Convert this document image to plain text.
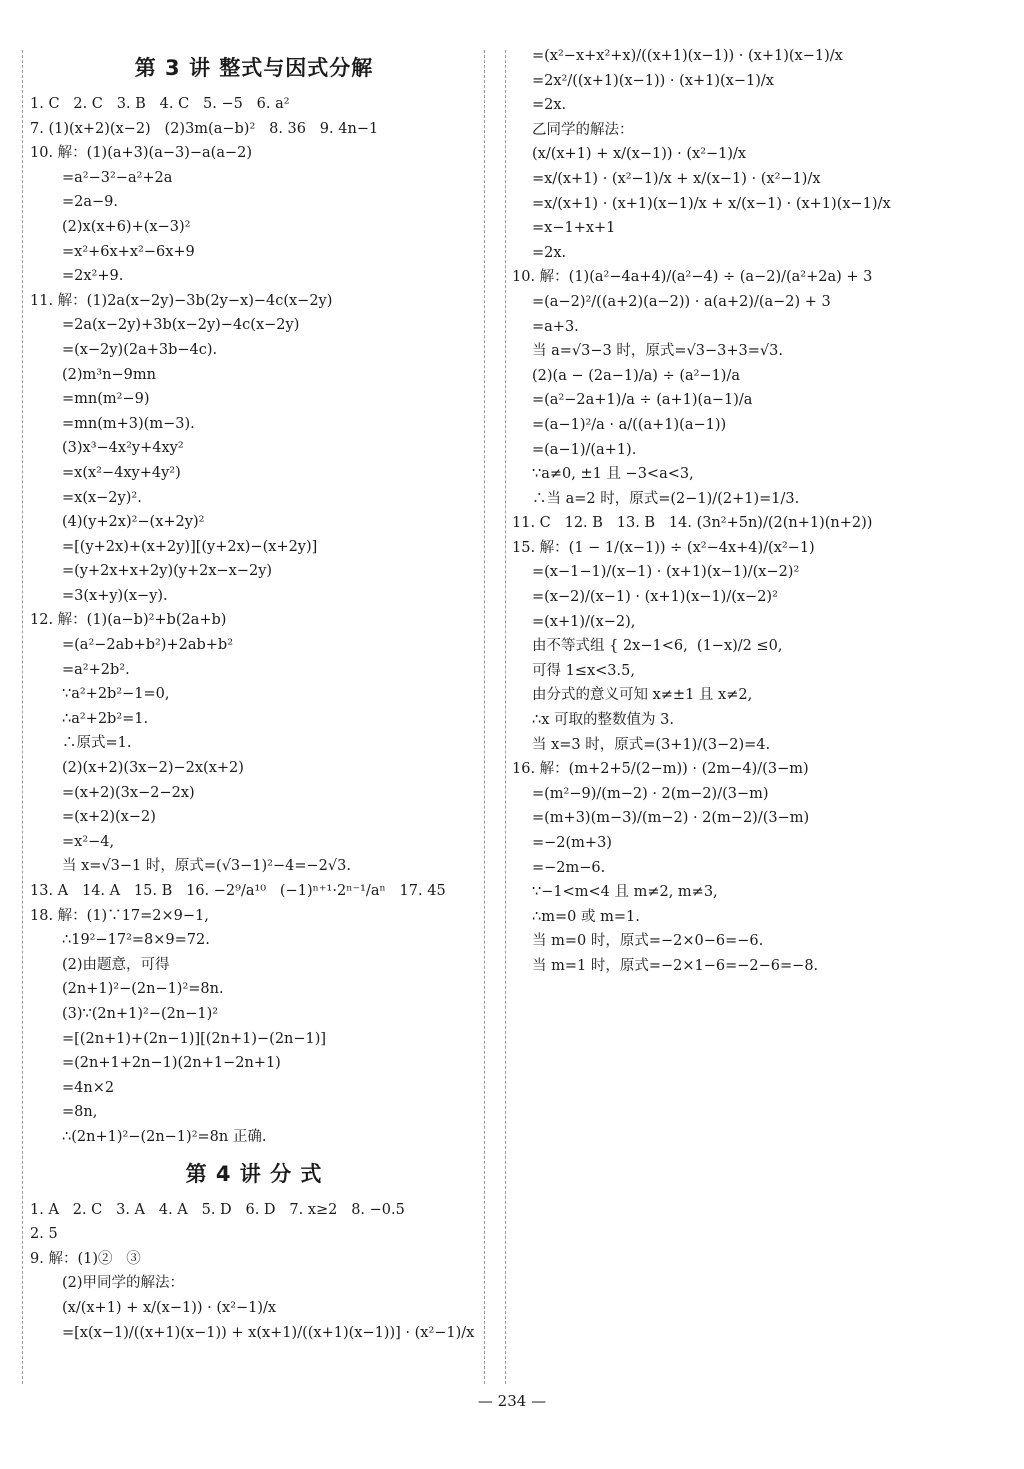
第 3 讲 整式与因式分解
1. C   2. C   3. B   4. C   5. −5   6. a²
7. (1)(x+2)(x−2)   (2)3m(a−b)²   8. 36   9. 4n−1
10. 解：(1)(a+3)(a−3)−a(a−2)
=a²−3²−a²+2a
=2a−9.
(2)x(x+6)+(x−3)²
=x²+6x+x²−6x+9
=2x²+9.
11. 解：(1)2a(x−2y)−3b(2y−x)−4c(x−2y)
=2a(x−2y)+3b(x−2y)−4c(x−2y)
=(x−2y)(2a+3b−4c).
(2)m³n−9mn
=mn(m²−9)
=mn(m+3)(m−3).
(3)x³−4x²y+4xy²
=x(x²−4xy+4y²)
=x(x−2y)².
(4)(y+2x)²−(x+2y)²
=[(y+2x)+(x+2y)][(y+2x)−(x+2y)]
=(y+2x+x+2y)(y+2x−x−2y)
=3(x+y)(x−y).
12. 解：(1)(a−b)²+b(2a+b)
=(a²−2ab+b²)+2ab+b²
=a²+2b².
∵a²+2b²−1=0,
∴a²+2b²=1.
∴原式=1.
(2)(x+2)(3x−2)−2x(x+2)
=(x+2)(3x−2−2x)
=(x+2)(x−2)
=x²−4,
当 x=√3−1 时，原式=(√3−1)²−4=−2√3.
13. A   14. A   15. B   16. −2⁹/a¹⁰   (−1)ⁿ⁺¹·2ⁿ⁻¹/aⁿ   17. 45
18. 解：(1)∵17=2×9−1,
∴19²−17²=8×9=72.
(2)由题意，可得
(2n+1)²−(2n−1)²=8n.
(3)∵(2n+1)²−(2n−1)²
=[(2n+1)+(2n−1)][(2n+1)−(2n−1)]
=(2n+1+2n−1)(2n+1−2n+1)
=4n×2
=8n,
∴(2n+1)²−(2n−1)²=8n 正确.
第 4 讲 分 式
1. A   2. C   3. A   4. A   5. D   6. D   7. x≥2   8. −0.5
2. 5
9. 解：(1)②   ③
(2)甲同学的解法：
(x/(x+1) + x/(x−1)) · (x²−1)/x
=[x(x−1)/((x+1)(x−1)) + x(x+1)/((x+1)(x−1))] · (x²−1)/x
=(x²−x+x²+x)/((x+1)(x−1)) · (x+1)(x−1)/x
=2x²/((x+1)(x−1)) · (x+1)(x−1)/x
=2x.
乙同学的解法：
(x/(x+1) + x/(x−1)) · (x²−1)/x
=x/(x+1) · (x²−1)/x + x/(x−1) · (x²−1)/x
=x/(x+1) · (x+1)(x−1)/x + x/(x−1) · (x+1)(x−1)/x
=x−1+x+1
=2x.
10. 解：(1)(a²−4a+4)/(a²−4) ÷ (a−2)/(a²+2a) + 3
=(a−2)²/((a+2)(a−2)) · a(a+2)/(a−2) + 3
=a+3.
当 a=√3−3 时，原式=√3−3+3=√3.
(2)(a − (2a−1)/a) ÷ (a²−1)/a
=(a²−2a+1)/a ÷ (a+1)(a−1)/a
=(a−1)²/a · a/((a+1)(a−1))
=(a−1)/(a+1).
∵a≠0, ±1 且 −3<a<3,
∴当 a=2 时，原式=(2−1)/(2+1)=1/3.
11. C   12. B   13. B   14. (3n²+5n)/(2(n+1)(n+2))
15. 解：(1 − 1/(x−1)) ÷ (x²−4x+4)/(x²−1)
=(x−1−1)/(x−1) · (x+1)(x−1)/(x−2)²
=(x−2)/(x−1) · (x+1)(x−1)/(x−2)²
=(x+1)/(x−2),
由不等式组 { 2x−1<6,  (1−x)/2 ≤0,
可得 1≤x<3.5,
由分式的意义可知 x≠±1 且 x≠2,
∴x 可取的整数值为 3.
当 x=3 时，原式=(3+1)/(3−2)=4.
16. 解：(m+2+5/(2−m)) · (2m−4)/(3−m)
=(m²−9)/(m−2) · 2(m−2)/(3−m)
=(m+3)(m−3)/(m−2) · 2(m−2)/(3−m)
=−2(m+3)
=−2m−6.
∵−1<m<4 且 m≠2, m≠3,
∴m=0 或 m=1.
当 m=0 时，原式=−2×0−6=−6.
当 m=1 时，原式=−2×1−6=−2−6=−8.
— 234 —
